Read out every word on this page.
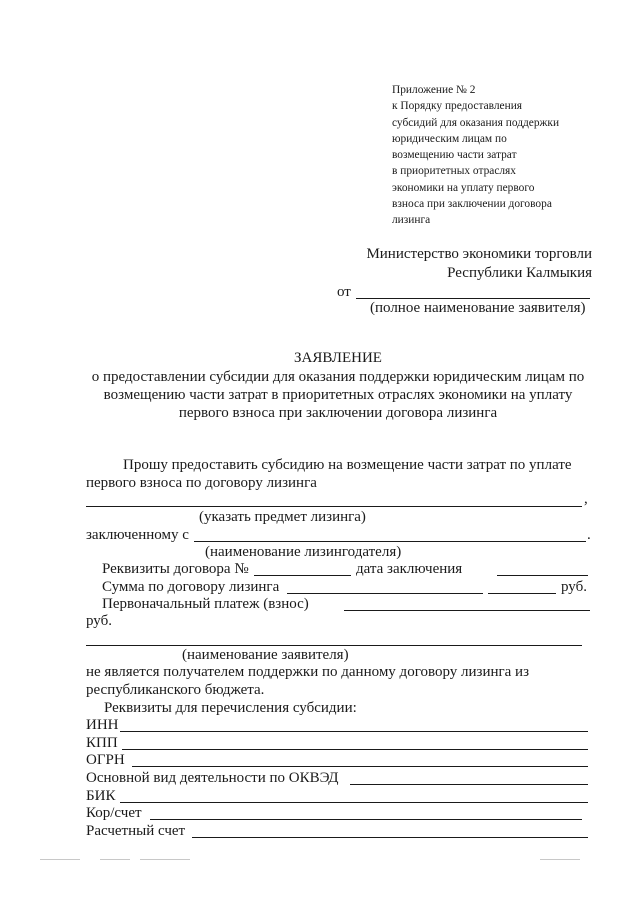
Приложение № 2
к Порядку предоставления
субсидий для оказания поддержки
юридическим лицам по
возмещению части затрат
в приоритетных отраслях
экономики на уплату первого
взноса при заключении договора
лизинга
Министерство экономики торговли
Республики Калмыкия
от
(полное наименование заявителя)
ЗАЯВЛЕНИЕ
о предоставлении субсидии для оказания поддержки юридическим лицам по
возмещению части затрат в приоритетных отраслях экономики на уплату
первого взноса при заключении договора лизинга
Прошу предоставить субсидию на возмещение части затрат по уплате
первого взноса по договору лизинга
,
(указать предмет лизинга)
заключенному с	.
(наименование лизингодателя)
Реквизиты договора №	дата заключения
Сумма по договору лизинга	руб.
Первоначальный платеж (взнос)
руб.
(наименование заявителя)
не является получателем поддержки по данному договору лизинга из
республиканского бюджета.
Реквизиты для перечисления субсидии:
ИНН
КПП
ОГРН
Основной вид деятельности по ОКВЭД
БИК
Кор/счет
Расчетный счет
